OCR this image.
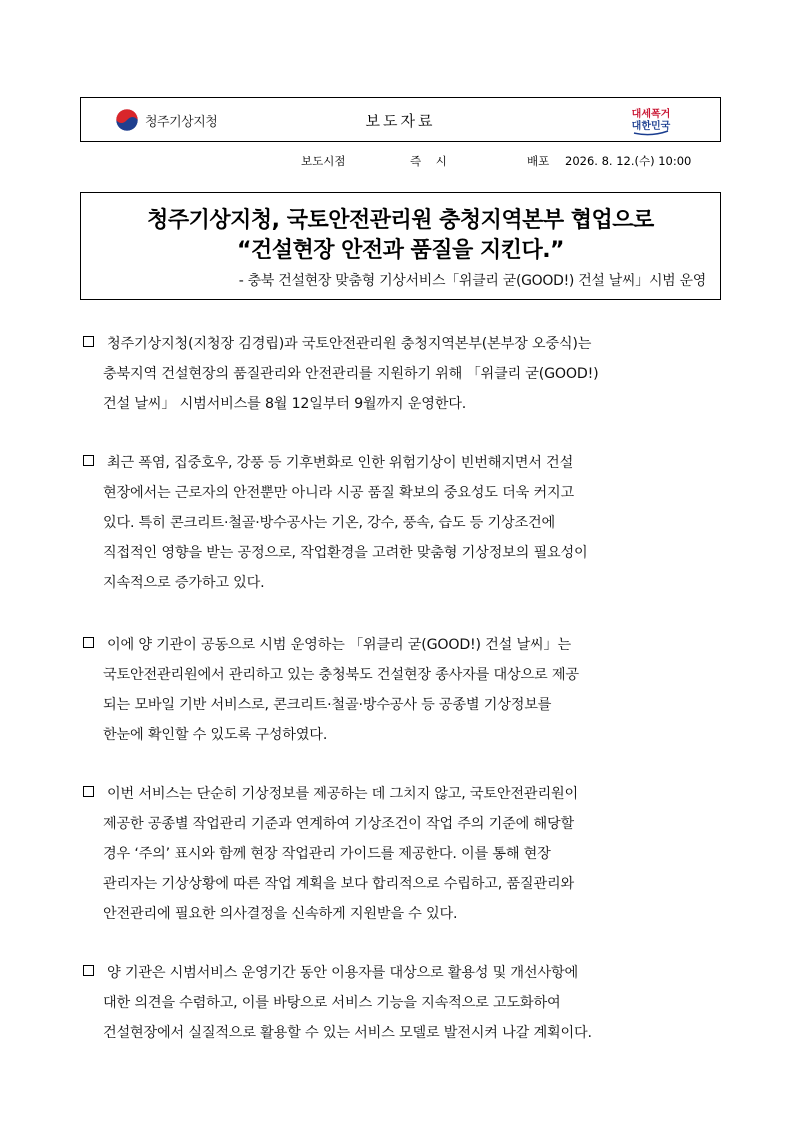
청주기상지청	보도자료	대세폭거
대한민국
보도시점	즉    시	배포 2026. 8. 12.(수) 10:00
청주기상지청, 국토안전관리원 충청지역본부 협업으로
“건설현장 안전과 품질을 지킨다.”
- 충북 건설현장 맞춤형 기상서비스「위클리 굳(GOOD!) 건설 날씨」시범 운영
청주기상지청(지청장 김경립)과 국토안전관리원 충청지역본부(본부장 오중식)는
충북지역 건설현장의 품질관리와 안전관리를 지원하기 위해 「위클리 굳(GOOD!)
건설 날씨」 시범서비스를 8월 12일부터 9월까지 운영한다.
최근 폭염, 집중호우, 강풍 등 기후변화로 인한 위험기상이 빈번해지면서 건설
현장에서는 근로자의 안전뿐만 아니라 시공 품질 확보의 중요성도 더욱 커지고
있다. 특히 콘크리트·철골·방수공사는 기온, 강수, 풍속, 습도 등 기상조건에
직접적인 영향을 받는 공정으로, 작업환경을 고려한 맞춤형 기상정보의 필요성이
지속적으로 증가하고 있다.
이에 양 기관이 공동으로 시범 운영하는 「위클리 굳(GOOD!) 건설 날씨」는
국토안전관리원에서 관리하고 있는 충청북도 건설현장 종사자를 대상으로 제공
되는 모바일 기반 서비스로, 콘크리트·철골·방수공사 등 공종별 기상정보를
한눈에 확인할 수 있도록 구성하였다.
이번 서비스는 단순히 기상정보를 제공하는 데 그치지 않고, 국토안전관리원이
제공한 공종별 작업관리 기준과 연계하여 기상조건이 작업 주의 기준에 해당할
경우 ‘주의’ 표시와 함께 현장 작업관리 가이드를 제공한다. 이를 통해 현장
관리자는 기상상황에 따른 작업 계획을 보다 합리적으로 수립하고, 품질관리와
안전관리에 필요한 의사결정을 신속하게 지원받을 수 있다.
양 기관은 시범서비스 운영기간 동안 이용자를 대상으로 활용성 및 개선사항에
대한 의견을 수렴하고, 이를 바탕으로 서비스 기능을 지속적으로 고도화하여
건설현장에서 실질적으로 활용할 수 있는 서비스 모델로 발전시켜 나갈 계획이다.
